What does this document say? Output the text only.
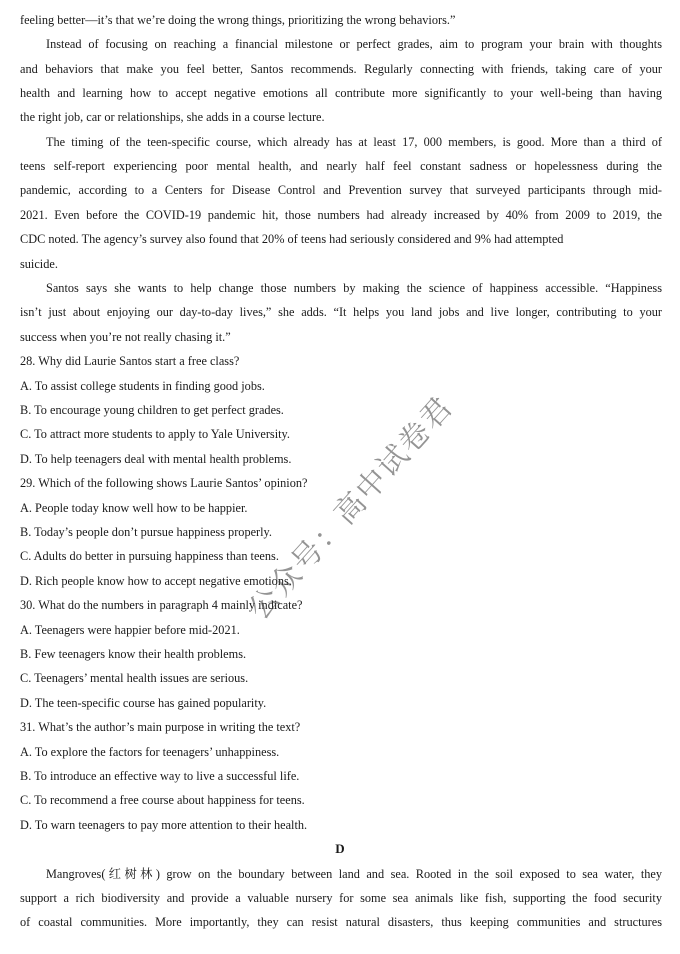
feeling better—it’s that we’re doing the wrong things, prioritizing the wrong behaviors.”
Instead of focusing on reaching a financial milestone or perfect grades, aim to program your brain with thoughts
and behaviors that make you feel better, Santos recommends. Regularly connecting with friends, taking care of your
health and learning how to accept negative emotions all contribute more significantly to your well-being than having
the right job, car or relationships, she adds in a course lecture.
The timing of the teen-specific course, which already has at least 17, 000 members, is good. More than a third of
teens self-report experiencing poor mental health, and nearly half feel constant sadness or hopelessness during the
pandemic, according to a Centers for Disease Control and Prevention survey that surveyed participants through mid-
2021. Even before the COVID-19 pandemic hit, those numbers had already increased by 40% from 2009 to 2019, the
CDC noted. The agency’s survey also found that 20% of teens had seriously considered and 9% had attempted
suicide.
Santos says she wants to help change those numbers by making the science of happiness accessible. “Happiness
isn’t just about enjoying our day-to-day lives,” she adds. “It helps you land jobs and live longer, contributing to your
success when you’re not really chasing it.”
28. Why did Laurie Santos start a free class?
A. To assist college students in finding good jobs.
B. To encourage young children to get perfect grades.
C. To attract more students to apply to Yale University.
D. To help teenagers deal with mental health problems.
29. Which of the following shows Laurie Santos’ opinion?
A. People today know well how to be happier.
B. Today’s people don’t pursue happiness properly.
C. Adults do better in pursuing happiness than teens.
D. Rich people know how to accept negative emotions.
30. What do the numbers in paragraph 4 mainly indicate?
A. Teenagers were happier before mid-2021.
B. Few teenagers know their health problems.
C. Teenagers’ mental health issues are serious.
D. The teen-specific course has gained popularity.
31. What’s the author’s main purpose in writing the text?
A. To explore the factors for teenagers’ unhappiness.
B. To introduce an effective way to live a successful life.
C. To recommend a free course about happiness for teens.
D. To warn teenagers to pay more attention to their health.
D
Mangroves(红树林) grow on the boundary between land and sea. Rooted in the soil exposed to sea water, they
support a rich biodiversity and provide a valuable nursery for some sea animals like fish, supporting the food security
of coastal communities. More importantly, they can resist natural disasters, thus keeping communities and structures
公众号：高中试卷君
